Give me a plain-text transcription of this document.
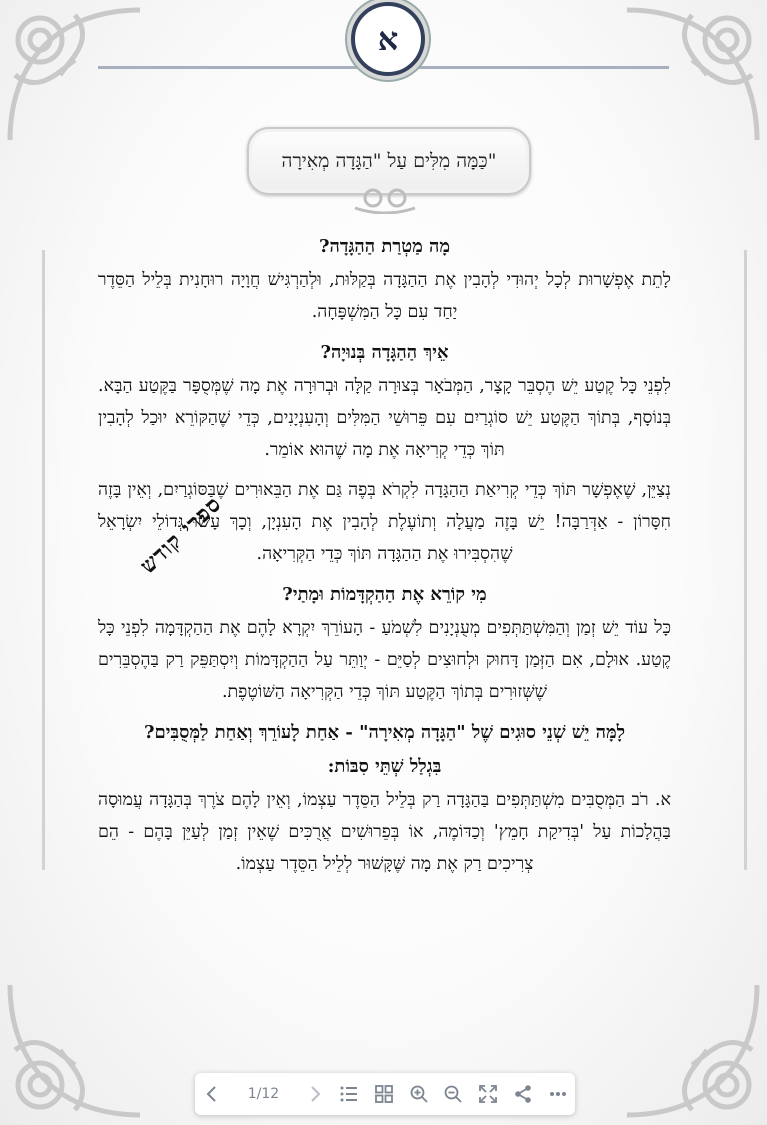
א
כַּמָּה מִלִּים עַל "הַגָּדָה מְאִירָה"
מָה מַטְרַת הַהַגָּדָה?

לָתֵת אֶפְשָׁרוּת לְכָל יְהוּדִי לְהָבִין אֶת הַהַגָּדָה בְּקַלּוּת, וּלְהַרְגִּישׁ חֲוָיָה רוּחָנִית בְּלֵיל הַסֵּדֶר יַחַד עִם כָּל הַמִּשְׁפָּחָה.

אֵיךְ הַהַגָּדָה בְּנוּיָה?

לִפְנֵי כָּל קֶטַע יֵשׁ הֶסְבֵּר קָצָר, הַמְּבֹאָר בְּצוּרָה קַלָּה וּבְרוּרָה אֶת מָה שֶׁמְּסֻפָּר בַּקֶּטַע הַבָּא. בְּנוֹסָף, בְּתוֹךְ הַקֶּטַע יֵשׁ סוֹגְרַיִם עִם פֵּרוּשֵׁי הַמִּלִּים וְהָעִנְיָנִים, כְּדֵי שֶׁהַקּוֹרֵא יוּכַל לְהָבִין תּוֹךְ כְּדֵי קְרִיאָה אֶת מָה שֶׁהוּא אוֹמֵר.

נְצַיֵּן, שֶׁאֶפְשָׁר תּוֹךְ כְּדֵי קְרִיאַת הַהַגָּדָה לִקְרֹא בְּפֶה גַּם אֶת הַבֵּאוּרִים שֶׁבַּסּוֹגְרַיִם, וְאֵין בָּזֶה חִסָּרוֹן - אַדְּרַבָּה! יֵשׁ בָּזֶה מַעֲלָה וְתוֹעֶלֶת לְהָבִין אֶת הָעִנְיָן, וְכָךְ עָשׂוּ גְּדוֹלֵי יִשְׂרָאֵל שֶׁהִסְבִּירוּ אֶת הַהַגָּדָה תּוֹךְ כְּדֵי הַקְּרִיאָה.

מִי קוֹרֵא אֶת הַהַקְדָּמוֹת וּמָתַי?

כָּל עוֹד יֵשׁ זְמַן וְהַמִּשְׁתַּתְּפִים מְעֻנְיָנִים לִשְׁמֹעַ - הָעוֹרֵךְ יִקְרָא לָהֶם אֶת הַהַקְדָּמָה לִפְנֵי כָּל קֶטַע. אוּלָם, אִם הַזְּמַן דָּחוּק וּלְחוּצִים לְסַיֵּם - יְוַתֵּר עַל הַהַקְדָּמוֹת וְיִסְתַּפֵּק רַק בַּהֶסְבֵּרִים שֶׁשְּׁזוּרִים בְּתוֹךְ הַקֶּטַע תּוֹךְ כְּדֵי הַקְּרִיאָה הַשּׁוֹטֶפֶת.

לָמָּה יֵשׁ שְׁנֵי סוּגִים שֶׁל "הַגָּדָה מְאִירָה" - אַחַת לָעוֹרֵךְ וְאַחַת לַמְּסֻבִּים?
בִּגְלַל שְׁתֵּי סִבּוֹת:

א. רֹב הַמְּסֻבִּים מִשְׁתַּתְּפִים בַּהַגָּדָה רַק בְּלֵיל הַסֵּדֶר עַצְמוֹ, וְאֵין לָהֶם צֹרֶךְ בְּהַגָּדָה עֲמוּסָה בַּהֲלָכוֹת עַל 'בְּדִיקַת חָמֵץ' וְכַדּוֹמֶה, אוֹ בְּפֵרוּשִׁים אֲרֻכִּים שֶׁאֵין זְמַן לְעַיֵּן בָּהֶם - הֵם צְרִיכִים רַק אֶת מָה שֶּׁקָּשׁוּר לְלֵיל הַסֵּדֶר עַצְמוֹ.

ספרי קודש
1/12
